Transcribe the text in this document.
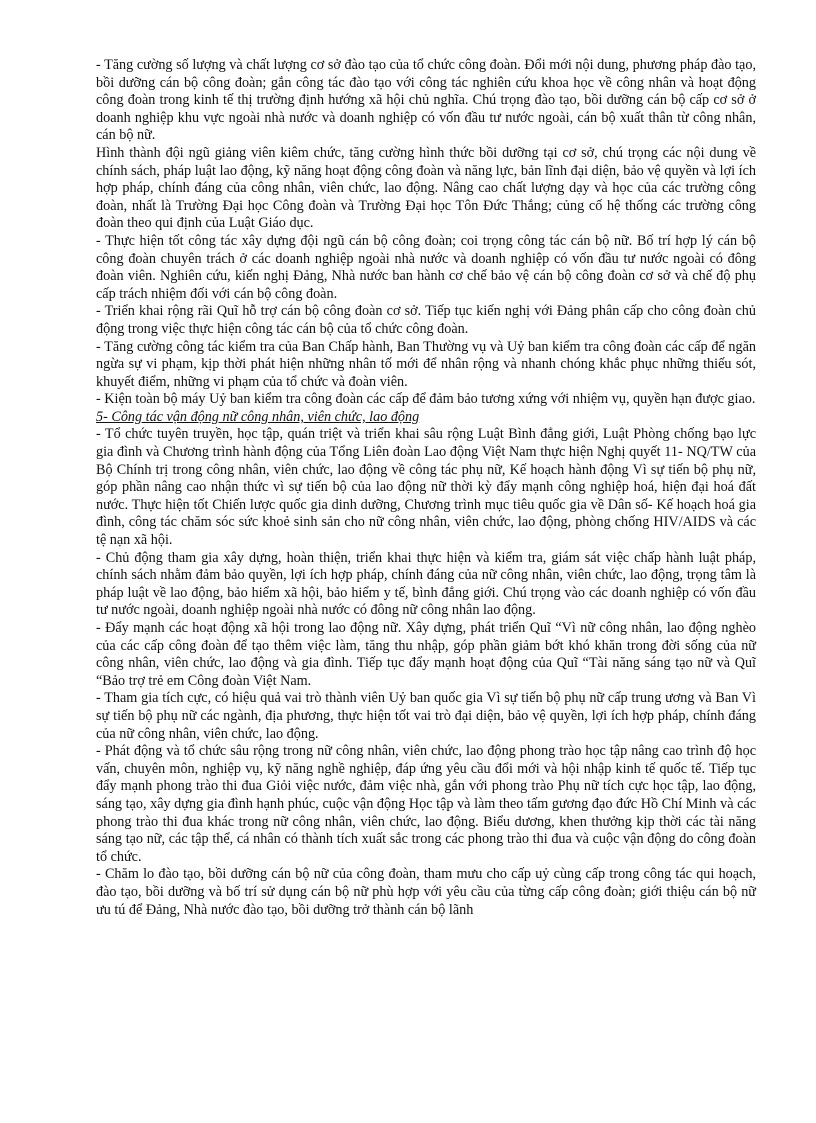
- Tăng cường số lượng và chất lượng cơ sở đào tạo của tổ chức công đoàn. Đổi mới nội dung, phương pháp đào tạo, bồi dưỡng cán bộ công đoàn; gắn công tác đào tạo với công tác nghiên cứu khoa học về công nhân và hoạt động công đoàn trong kinh tế thị trường định hướng xã hội chủ nghĩa. Chú trọng đào tạo, bồi dưỡng cán bộ cấp cơ sở ở doanh nghiệp khu vực ngoài nhà nước và doanh nghiệp có vốn đầu tư nước ngoài, cán bộ xuất thân từ công nhân, cán bộ nữ.

Hình thành đội ngũ giảng viên kiêm chức, tăng cường hình thức bồi dưỡng tại cơ sở, chú trọng các nội dung về chính sách, pháp luật lao động, kỹ năng hoạt động công đoàn và năng lực, bản lĩnh đại diện, bảo vệ quyền và lợi ích hợp pháp, chính đáng của công nhân, viên chức, lao động. Nâng cao chất lượng dạy và học của các trường công đoàn, nhất là Trường Đại học Công đoàn và Trường Đại học Tôn Đức Thắng; củng cố hệ thống các trường công đoàn theo qui định của Luật Giáo dục.

- Thực hiện tốt công tác xây dựng đội ngũ cán bộ công đoàn; coi trọng công tác cán bộ nữ. Bố trí hợp lý cán bộ công đoàn chuyên trách ở các doanh nghiệp ngoài nhà nước và doanh nghiệp có vốn đầu tư nước ngoài có đông đoàn viên. Nghiên cứu, kiến nghị Đảng, Nhà nước ban hành cơ chế bảo vệ cán bộ công đoàn cơ sở và chế độ phụ cấp trách nhiệm đối với cán bộ công đoàn.

- Triển khai rộng rãi Quĩ hỗ trợ cán bộ công đoàn cơ sở. Tiếp tục kiến nghị với Đảng phân cấp cho công đoàn chủ động trong việc thực hiện công tác cán bộ của tổ chức công đoàn.

- Tăng cường công tác kiểm tra của Ban Chấp hành, Ban Thường vụ và Uỷ ban kiểm tra công đoàn các cấp để ngăn ngừa sự vi phạm, kịp thời phát hiện những nhân tố mới để nhân rộng và nhanh chóng khắc phục những thiếu sót, khuyết điểm, những vi phạm của tổ chức và đoàn viên.

- Kiện toàn bộ máy Uỷ ban kiểm tra công đoàn các cấp để đảm bảo tương xứng với nhiệm vụ, quyền hạn được giao.

5- Công tác vận động nữ công nhân, viên chức, lao động

- Tổ chức tuyên truyền, học tập, quán triệt và triển khai sâu rộng Luật Bình đẳng giới, Luật Phòng chống bạo lực gia đình và Chương trình hành động của Tổng Liên đoàn Lao động Việt Nam thực hiện Nghị quyết 11- NQ/TW của Bộ Chính trị trong công nhân, viên chức, lao động về công tác phụ nữ, Kế hoạch hành động Vì sự tiến bộ phụ nữ, góp phần nâng cao nhận thức vì sự tiến bộ của lao động nữ thời kỳ đẩy mạnh công nghiệp hoá, hiện đại hoá đất nước. Thực hiện tốt Chiến lược quốc gia dinh dưỡng, Chương trình mục tiêu quốc gia về Dân số- Kế hoạch hoá gia đình, công tác chăm sóc sức khoẻ sinh sản cho nữ công nhân, viên chức, lao động, phòng chống HIV/AIDS và các tệ nạn xã hội.

- Chủ động tham gia xây dựng, hoàn thiện, triển khai thực hiện và kiểm tra, giám sát việc chấp hành luật pháp, chính sách nhằm đảm bảo quyền, lợi ích hợp pháp, chính đáng của nữ công nhân, viên chức, lao động, trọng tâm là pháp luật về lao động, bảo hiểm xã hội, bảo hiểm y tế, bình đẳng giới. Chú trọng vào các doanh nghiệp có vốn đầu tư nước ngoài, doanh nghiệp ngoài nhà nước có đông nữ công nhân lao động.

- Đẩy mạnh các hoạt động xã hội trong lao động nữ. Xây dựng, phát triển Quĩ “Vì nữ công nhân, lao động nghèo của các cấp công đoàn để tạo thêm việc làm, tăng thu nhập, góp phần giảm bớt khó khăn trong đời sống của nữ công nhân, viên chức, lao động và gia đình. Tiếp tục đẩy mạnh hoạt động của Quĩ “Tài năng sáng tạo nữ và Quĩ “Bảo trợ trẻ em Công đoàn Việt Nam.

- Tham gia tích cực, có hiệu quả vai trò thành viên Uỷ ban quốc gia Vì sự tiến bộ phụ nữ cấp trung ương và Ban Vì sự tiến bộ phụ nữ các ngành, địa phương, thực hiện tốt vai trò đại diện, bảo vệ quyền, lợi ích hợp pháp, chính đáng của nữ công nhân, viên chức, lao động.

- Phát động và tổ chức sâu rộng trong nữ công nhân, viên chức, lao động phong trào học tập nâng cao trình độ học vấn, chuyên môn, nghiệp vụ, kỹ năng nghề nghiệp, đáp ứng yêu cầu đổi mới và hội nhập kinh tế quốc tế. Tiếp tục đẩy mạnh phong trào thi đua Giỏi việc nước, đảm việc nhà, gắn với phong trào Phụ nữ tích cực học tập, lao động, sáng tạo, xây dựng gia đình hạnh phúc, cuộc vận động Học tập và làm theo tấm gương đạo đức Hồ Chí Minh và các phong trào thi đua khác trong nữ công nhân, viên chức, lao động. Biểu dương, khen thưởng kịp thời các tài năng sáng tạo nữ, các tập thể, cá nhân có thành tích xuất sắc trong các phong trào thi đua và cuộc vận động do công đoàn tổ chức.

- Chăm lo đào tạo, bồi dưỡng cán bộ nữ của công đoàn, tham mưu cho cấp uỷ cùng cấp trong công tác qui hoạch, đào tạo, bồi dưỡng và bố trí sử dụng cán bộ nữ phù hợp với yêu cầu của từng cấp công đoàn; giới thiệu cán bộ nữ ưu tú để Đảng, Nhà nước đào tạo, bồi dưỡng trở thành cán bộ lãnh
